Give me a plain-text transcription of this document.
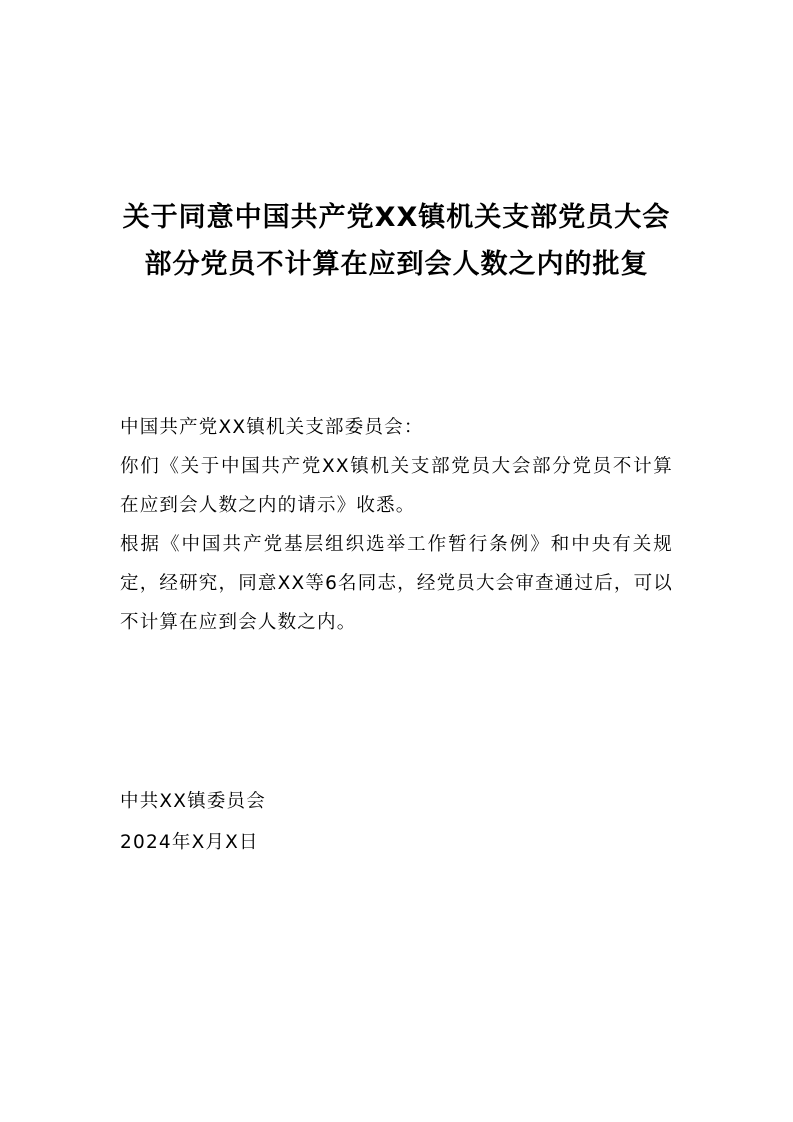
关于同意中国共产党XX镇机关支部党员大会部分党员不计算在应到会人数之内的批复

中国共产党XX镇机关支部委员会：

你们《关于中国共产党XX镇机关支部党员大会部分党员不计算在应到会人数之内的请示》收悉。

根据《中国共产党基层组织选举工作暂行条例》和中央有关规定，经研究，同意XX等6名同志，经党员大会审查通过后，可以不计算在应到会人数之内。

中共XX镇委员会

2024年X月X日
